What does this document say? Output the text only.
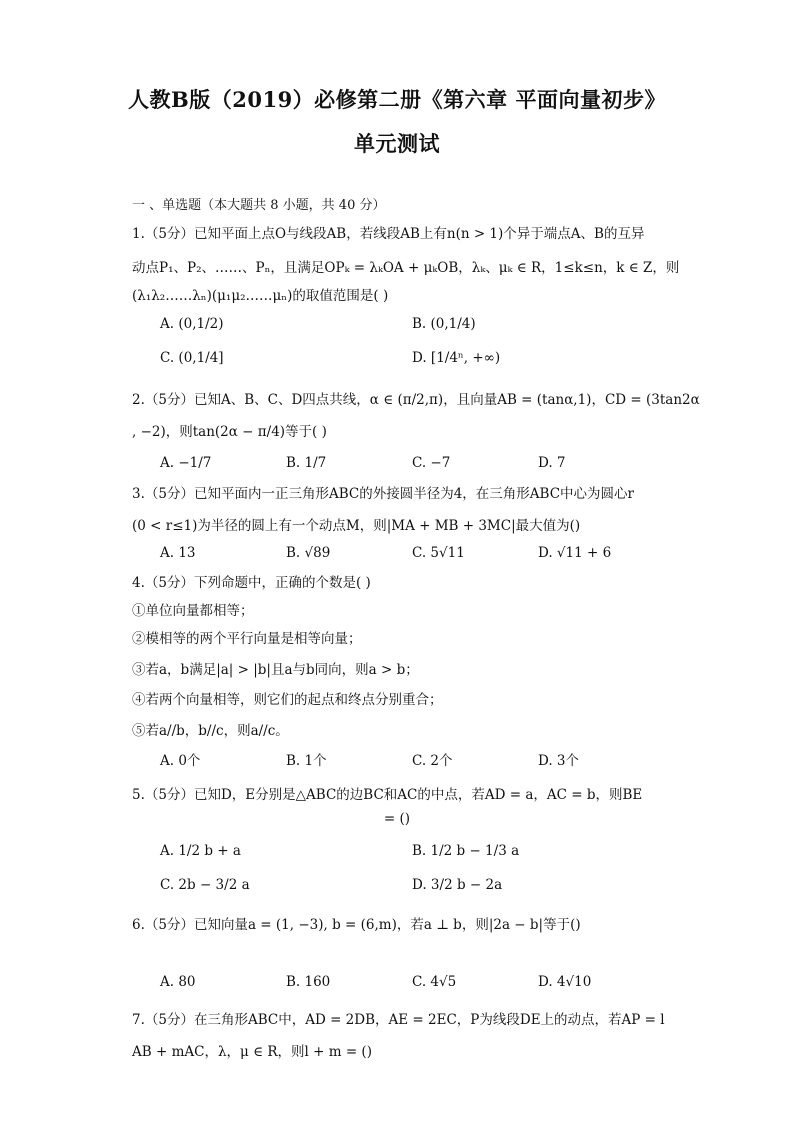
人教B版（2019）必修第二册《第六章 平面向量初步》
单元测试
一 、单选题（本大题共 8 小题，共 40 分）
1.（5分）已知平面上点O与线段AB，若线段AB上有n(n > 1)个异于端点A、B的互异
动点P₁、P₂、……、Pₙ，且满足OPₖ = λₖOA + μₖOB，λₖ、μₖ ∈ R，1≤k≤n，k ∈ Z，则
(λ₁λ₂……λₙ)(μ₁μ₂……μₙ)的取值范围是( )
A. (0,1/2)	B. (0,1/4)
C. (0,1/4]	D. [1/4ⁿ, +∞)
2.（5分）已知A、B、C、D四点共线，α ∈ (π/2,π)，且向量AB = (tanα,1)，CD = (3tan2α
, −2)，则tan(2α − π/4)等于( )
A. −1/7	B. 1/7	C. −7	D. 7
3.（5分）已知平面内一正三角形ABC的外接圆半径为4，在三角形ABC中心为圆心r
(0 < r≤1)为半径的圆上有一个动点M，则|MA + MB + 3MC|最大值为()
A. 13	B. √89	C. 5√11	D. √11 + 6
4.（5分）下列命题中，正确的个数是( )
①单位向量都相等；
②模相等的两个平行向量是相等向量；
③若a，b满足|a| > |b|且a与b同向，则a > b；
④若两个向量相等，则它们的起点和终点分别重合；
⑤若a//b，b//c，则a//c。
A. 0个	B. 1个	C. 2个	D. 3个
5.（5分）已知D，E分别是△ABC的边BC和AC的中点，若AD = a，AC = b，则BE
= ()
A. 1/2 b + a	B. 1/2 b − 1/3 a
C. 2b − 3/2 a	D. 3/2 b − 2a
6.（5分）已知向量a = (1, −3), b = (6,m)，若a ⊥ b，则|2a − b|等于()
A. 80	B. 160	C. 4√5	D. 4√10
7.（5分）在三角形ABC中，AD = 2DB，AE = 2EC，P为线段DE上的动点，若AP = l
AB + mAC，λ，μ ∈ R，则l + m = ()
